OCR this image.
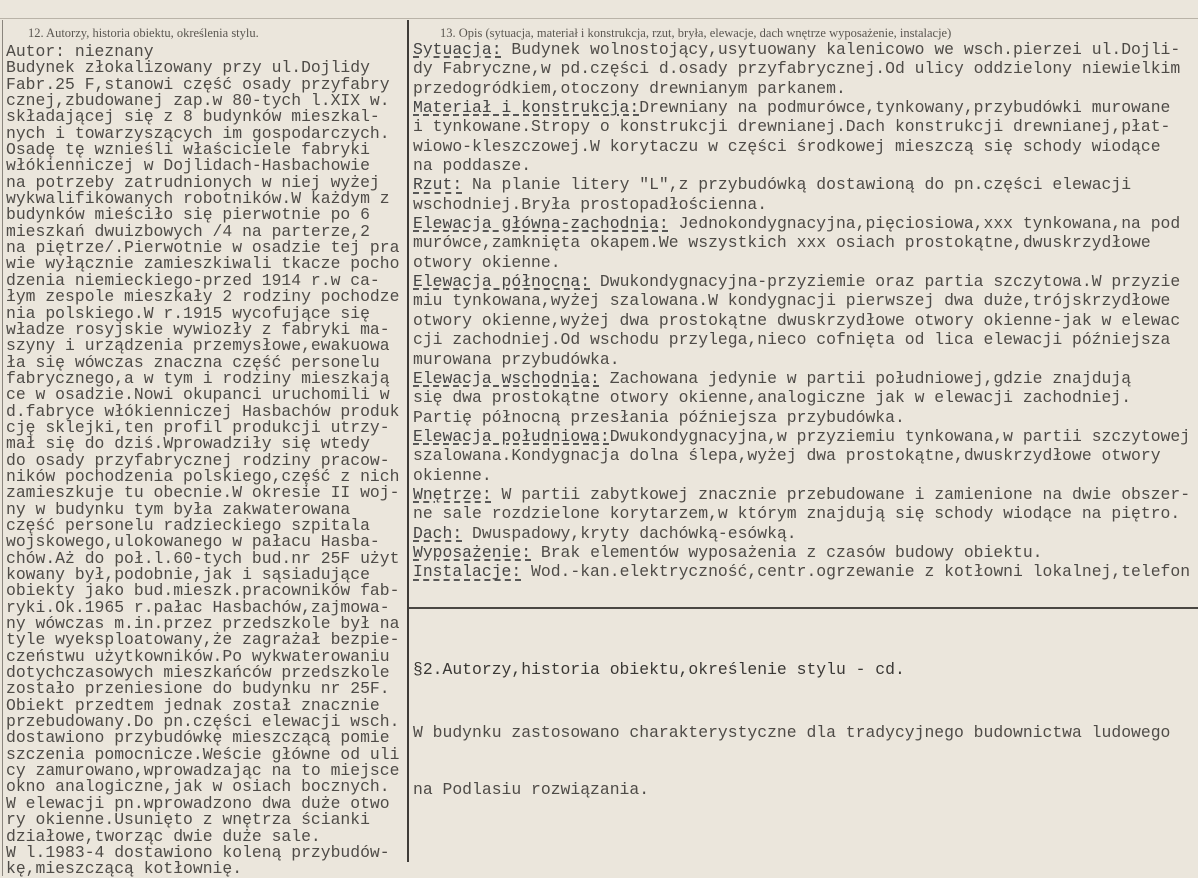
12. Autorzy, historia obiektu, określenia stylu.	13. Opis (sytuacja, materiał i konstrukcja, rzut, bryła, elewacje, dach wnętrze wyposażenie, instalacje)
Autor: nieznany
Budynek złokalizowany przy ul.Dojlidy
Fabr.25 F,stanowi część osady przyfabry
cznej,zbudowanej zap.w 80-tych l.XIX w.
składającej się z 8 budynków mieszkal-
nych i towarzyszących im gospodarczych.
Osadę tę wznieśli właściciele fabryki
włókienniczej w Dojlidach-Hasbachowie
na potrzeby zatrudnionych w niej wyżej
wykwalifikowanych robotników.W każdym z
budynków mieściło się pierwotnie po 6
mieszkań dwuizbowych /4 na parterze,2
na piętrze/.Pierwotnie w osadzie tej pra
wie wyłącznie zamieszkiwali tkacze pocho
dzenia niemieckiego-przed 1914 r.w ca-
łym zespole mieszkały 2 rodziny pochodze
nia polskiego.W r.1915 wycofujące się
władze rosyjskie wywiozły z fabryki ma-
szyny i urządzenia przemysłowe,ewakuowa
ła się wówczas znaczna część personelu
fabrycznego,a w tym i rodziny mieszkają
ce w osadzie.Nowi okupanci uruchomili w
d.fabryce włókienniczej Hasbachów produk
cję sklejki,ten profil produkcji utrzy-
mał się do dziś.Wprowadziły się wtedy
do osady przyfabrycznej rodziny pracow-
ników pochodzenia polskiego,część z nich
zamieszkuje tu obecnie.W okresie II woj-
ny w budynku tym była zakwaterowana
część personelu radzieckiego szpitala
wojskowego,ulokowanego w pałacu Hasba-
chów.Aż do poł.l.60-tych bud.nr 25F użyt
kowany był,podobnie,jak i sąsiadujące
obiekty jako bud.mieszk.pracowników fab-
ryki.Ok.1965 r.pałac Hasbachów,zajmowa-
ny wówczas m.in.przez przedszkole był na
tyle wyeksploatowany,że zagrażał bezpie-
czeństwu użytkowników.Po wykwaterowaniu
dotychczasowych mieszkańców przedszkole
zostało przeniesione do budynku nr 25F.
Obiekt przedtem jednak został znacznie
przebudowany.Do pn.części elewacji wsch.
dostawiono przybudówkę mieszczącą pomie
szczenia pomocnicze.Weście główne od uli
cy zamurowano,wprowadzając na to miejsce
okno analogiczne,jak w osiach bocznych.
W elewacji pn.wprowadzono dwa duże otwo
ry okienne.Usunięto z wnętrza ścianki
działowe,tworząc dwie duże sale.
W l.1983-4 dostawiono koleną przybudów-
kę,mieszczącą kotłownię.
Sytuacja: Budynek wolnostojący,usytuowany kalenicowo we wsch.pierzei ul.Dojli-
dy Fabryczne,w pd.części d.osady przyfabrycznej.Od ulicy oddzielony niewielkim
przedogródkiem,otoczony drewnianym parkanem.
Materiał i konstrukcja:Drewniany na podmurówce,tynkowany,przybudówki murowane
i tynkowane.Stropy o konstrukcji drewnianej.Dach konstrukcji drewnianej,płat-
wiowo-kleszczowej.W korytaczu w części środkowej mieszczą się schody wiodące
na poddasze.
Rzut: Na planie litery "L",z przybudówką dostawioną do pn.części elewacji
wschodniej.Bryła prostopadłościenna.
Elewacja główna-zachodnia: Jednokondygnacyjna,pięciosiowa,xxx tynkowana,na pod
murówce,zamknięta okapem.We wszystkich xxx osiach prostokątne,dwuskrzydłowe
otwory okienne.
Elewacja północna: Dwukondygnacyjna-przyziemie oraz partia szczytowa.W przyzie
miu tynkowana,wyżej szalowana.W kondygnacji pierwszej dwa duże,trójskrzydłowe
otwory okienne,wyżej dwa prostokątne dwuskrzydłowe otwory okienne-jak w elewac
cji zachodniej.Od wschodu przylega,nieco cofnięta od lica elewacji późniejsza
murowana przybudówka.
Elewacja wschodnia: Zachowana jedynie w partii południowej,gdzie znajdują
się dwa prostokątne otwory okienne,analogiczne jak w elewacji zachodniej.
Partię północną przesłania późniejsza przybudówka.
Elewacja południowa:Dwukondygnacyjna,w przyziemiu tynkowana,w partii szczytowej
szalowana.Kondygnacja dolna ślepa,wyżej dwa prostokątne,dwuskrzydłowe otwory
okienne.
Wnętrze: W partii zabytkowej znacznie przebudowane i zamienione na dwie obszer-
ne sale rozdzielone korytarzem,w którym znajdują się schody wiodące na piętro.
Dach: Dwuspadowy,kryty dachówką-esówką.
Wyposażenie: Brak elementów wyposażenia z czasów budowy obiektu.
Instalacje: Wod.-kan.elektryczność,centr.ogrzewanie z kotłowni lokalnej,telefon

§2.Autorzy,historia obiektu,określenie stylu - cd.

W budynku zastosowano charakterystyczne dla tradycyjnego budownictwa ludowego

na Podlasiu rozwiązania.
